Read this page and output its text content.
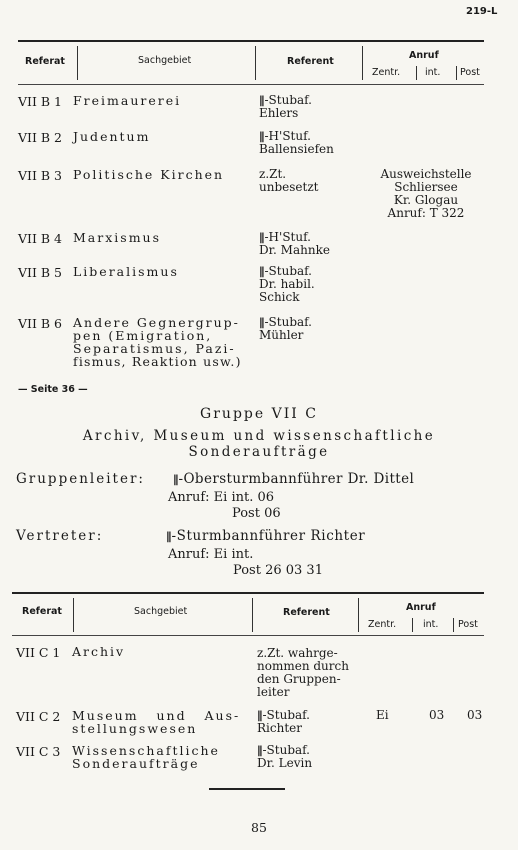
219-L
Referat	Sachgebiet	Referent
Anruf
Zentr.	int. Post
VII B 1 Freimaurerei	∥-Stubaf.
Ehlers
VII B 2 Judentum	∥-H'Stuf.
Ballensiefen
VII B 3 Politische Kirchen	z.Zt.
unbesetzt
Ausweichstelle
Schliersee
Kr. Glogau
Anruf: T 322
VII B 4 Marxismus	∥-H'Stuf.
Dr. Mahnke
VII B 5 Liberalismus	∥-Stubaf.
Dr. habil.
Schick
VII B 6 Andere Gegnergrup-
pen (Emigration,
Separatismus, Pazi-
fismus, Reaktion usw.)
∥-Stubaf.
Mühler
— Seite 36 —
Gruppe VII C
Archiv, Museum und wissenschaftliche
Sonderaufträge
Gruppenleiter:	∥-Obersturmbannführer Dr. Dittel
Anruf: Ei int. 06
Post 06
Vertreter:	∥-Sturmbannführer Richter
Anruf: Ei int.
Post 26 03 31
Referat	Sachgebiet	Referent	Anruf
Zentr.	int. Post
VII C 1 Archiv	z.Zt. wahrge-
nommen durch
den Gruppen-
leiter
VII C 2 Museum   und   Aus-
stellungswesen
∥-Stubaf.
Richter
Ei	03 03
VII C 3 Wissenschaftliche
Sonderaufträge
∥-Stubaf.
Dr. Levin
85
